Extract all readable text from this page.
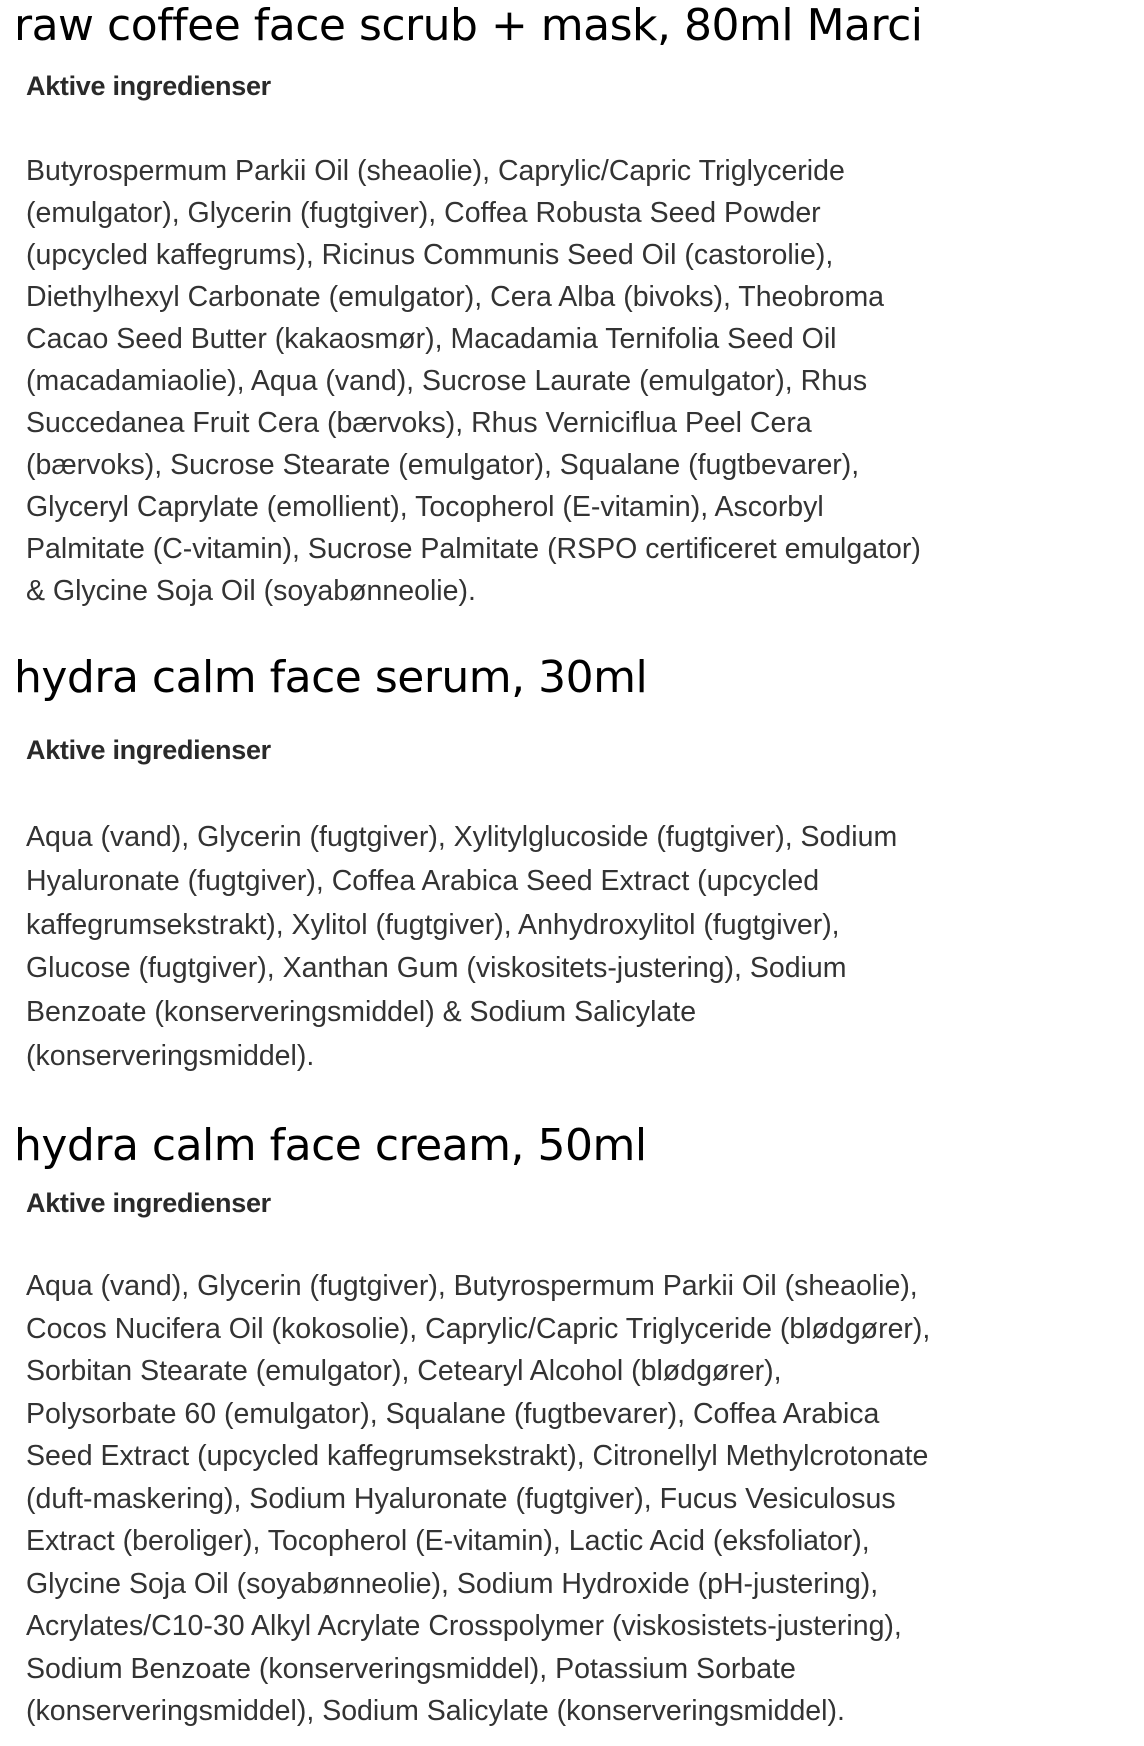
raw coffee face scrub + mask, 80ml Marci
Aktive ingredienser
Butyrospermum Parkii Oil (sheaolie), Caprylic/Capric Triglyceride
(emulgator), Glycerin (fugtgiver), Coffea Robusta Seed Powder
(upcycled kaffegrums), Ricinus Communis Seed Oil (castorolie),
Diethylhexyl Carbonate (emulgator), Cera Alba (bivoks), Theobroma
Cacao Seed Butter (kakaosmør), Macadamia Ternifolia Seed Oil
(macadamiaolie), Aqua (vand), Sucrose Laurate (emulgator), Rhus
Succedanea Fruit Cera (bærvoks), Rhus Verniciflua Peel Cera
(bærvoks), Sucrose Stearate (emulgator), Squalane (fugtbevarer),
Glyceryl Caprylate (emollient), Tocopherol (E-vitamin), Ascorbyl
Palmitate (C-vitamin), Sucrose Palmitate (RSPO certificeret emulgator)
& Glycine Soja Oil (soyabønneolie).
hydra calm face serum, 30ml
Aktive ingredienser
Aqua (vand), Glycerin (fugtgiver), Xylitylglucoside (fugtgiver), Sodium
Hyaluronate (fugtgiver), Coffea Arabica Seed Extract (upcycled
kaffegrumsekstrakt), Xylitol (fugtgiver), Anhydroxylitol (fugtgiver),
Glucose (fugtgiver), Xanthan Gum (viskositets-justering), Sodium
Benzoate (konserveringsmiddel) & Sodium Salicylate
(konserveringsmiddel).
hydra calm face cream, 50ml
Aktive ingredienser
Aqua (vand), Glycerin (fugtgiver), Butyrospermum Parkii Oil (sheaolie),
Cocos Nucifera Oil (kokosolie), Caprylic/Capric Triglyceride (blødgører),
Sorbitan Stearate (emulgator), Cetearyl Alcohol (blødgører),
Polysorbate 60 (emulgator), Squalane (fugtbevarer), Coffea Arabica
Seed Extract (upcycled kaffegrumsekstrakt), Citronellyl Methylcrotonate
(duft-maskering), Sodium Hyaluronate (fugtgiver), Fucus Vesiculosus
Extract (beroliger), Tocopherol (E-vitamin), Lactic Acid (eksfoliator),
Glycine Soja Oil (soyabønneolie), Sodium Hydroxide (pH-justering),
Acrylates/C10-30 Alkyl Acrylate Crosspolymer (viskosistets-justering),
Sodium Benzoate (konserveringsmiddel), Potassium Sorbate
(konserveringsmiddel), Sodium Salicylate (konserveringsmiddel).
